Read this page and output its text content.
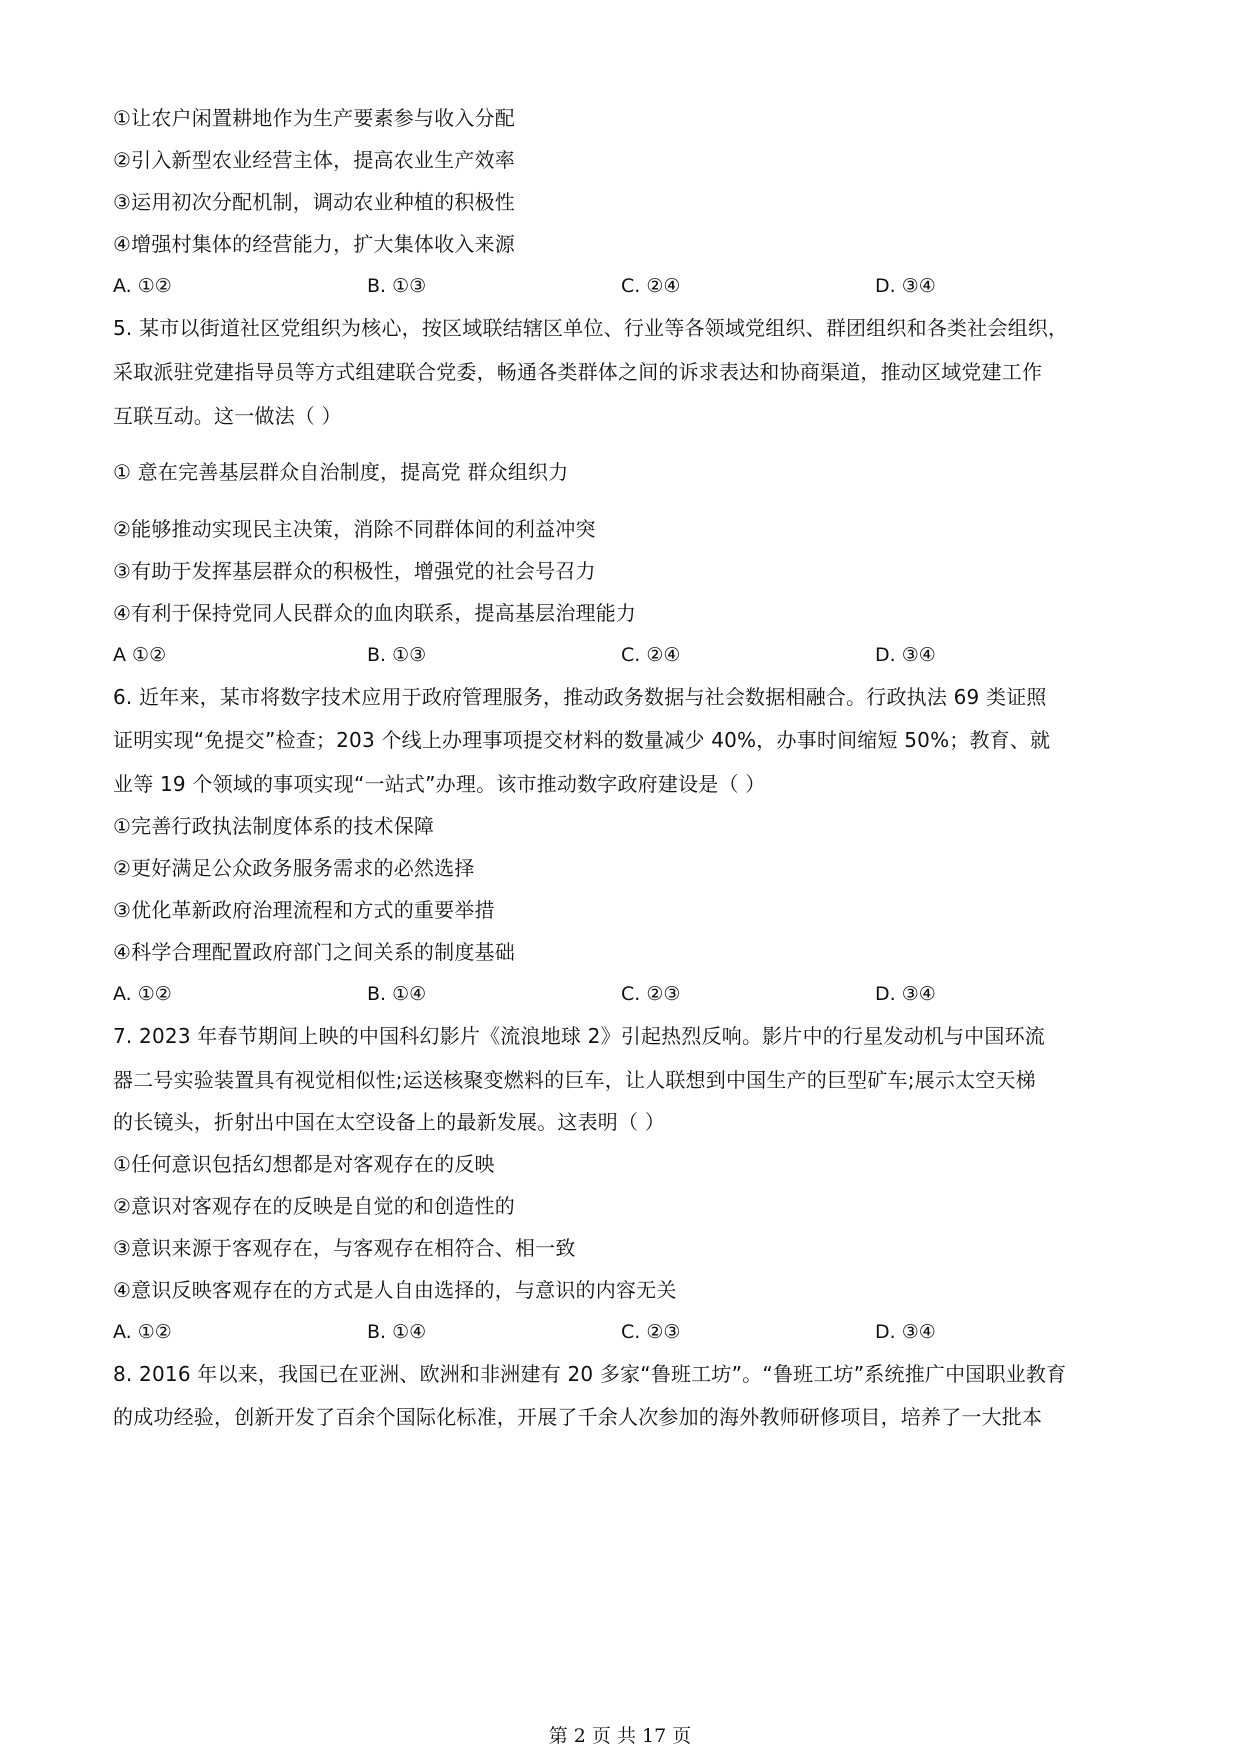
①让农户闲置耕地作为生产要素参与收入分配
②引入新型农业经营主体，提高农业生产效率
③运用初次分配机制，调动农业种植的积极性
④增强村集体的经营能力，扩大集体收入来源
A. ①②	B. ①③	C. ②④	D. ③④
5. 某市以街道社区党组织为核心，按区域联结辖区单位、行业等各领域党组织、群团组织和各类社会组织，
采取派驻党建指导员等方式组建联合党委，畅通各类群体之间的诉求表达和协商渠道，推动区域党建工作
互联互动。这一做法（ ）
① 意在完善基层群众自治制度，提高党 群众组织力
②能够推动实现民主决策，消除不同群体间的利益冲突
③有助于发挥基层群众的积极性，增强党的社会号召力
④有利于保持党同人民群众的血肉联系，提高基层治理能力
A ①②	B. ①③	C. ②④	D. ③④
6. 近年来，某市将数字技术应用于政府管理服务，推动政务数据与社会数据相融合。行政执法 69 类证照
证明实现“免提交”检查；203 个线上办理事项提交材料的数量减少 40%，办事时间缩短 50%；教育、就
业等 19 个领域的事项实现“一站式”办理。该市推动数字政府建设是（ ）
①完善行政执法制度体系的技术保障
②更好满足公众政务服务需求的必然选择
③优化革新政府治理流程和方式的重要举措
④科学合理配置政府部门之间关系的制度基础
A. ①②	B. ①④	C. ②③	D. ③④
7. 2023 年春节期间上映的中国科幻影片《流浪地球 2》引起热烈反响。影片中的行星发动机与中国环流
器二号实验装置具有视觉相似性;运送核聚变燃料的巨车，让人联想到中国生产的巨型矿车;展示太空天梯
的长镜头，折射出中国在太空设备上的最新发展。这表明（ ）
①任何意识包括幻想都是对客观存在的反映
②意识对客观存在的反映是自觉的和创造性的
③意识来源于客观存在，与客观存在相符合、相一致
④意识反映客观存在的方式是人自由选择的，与意识的内容无关
A. ①②	B. ①④	C. ②③	D. ③④
8. 2016 年以来，我国已在亚洲、欧洲和非洲建有 20 多家“鲁班工坊”。“鲁班工坊”系统推广中国职业教育
的成功经验，创新开发了百余个国际化标准，开展了千余人次参加的海外教师研修项目，培养了一大批本
第 2 页 共 17 页
